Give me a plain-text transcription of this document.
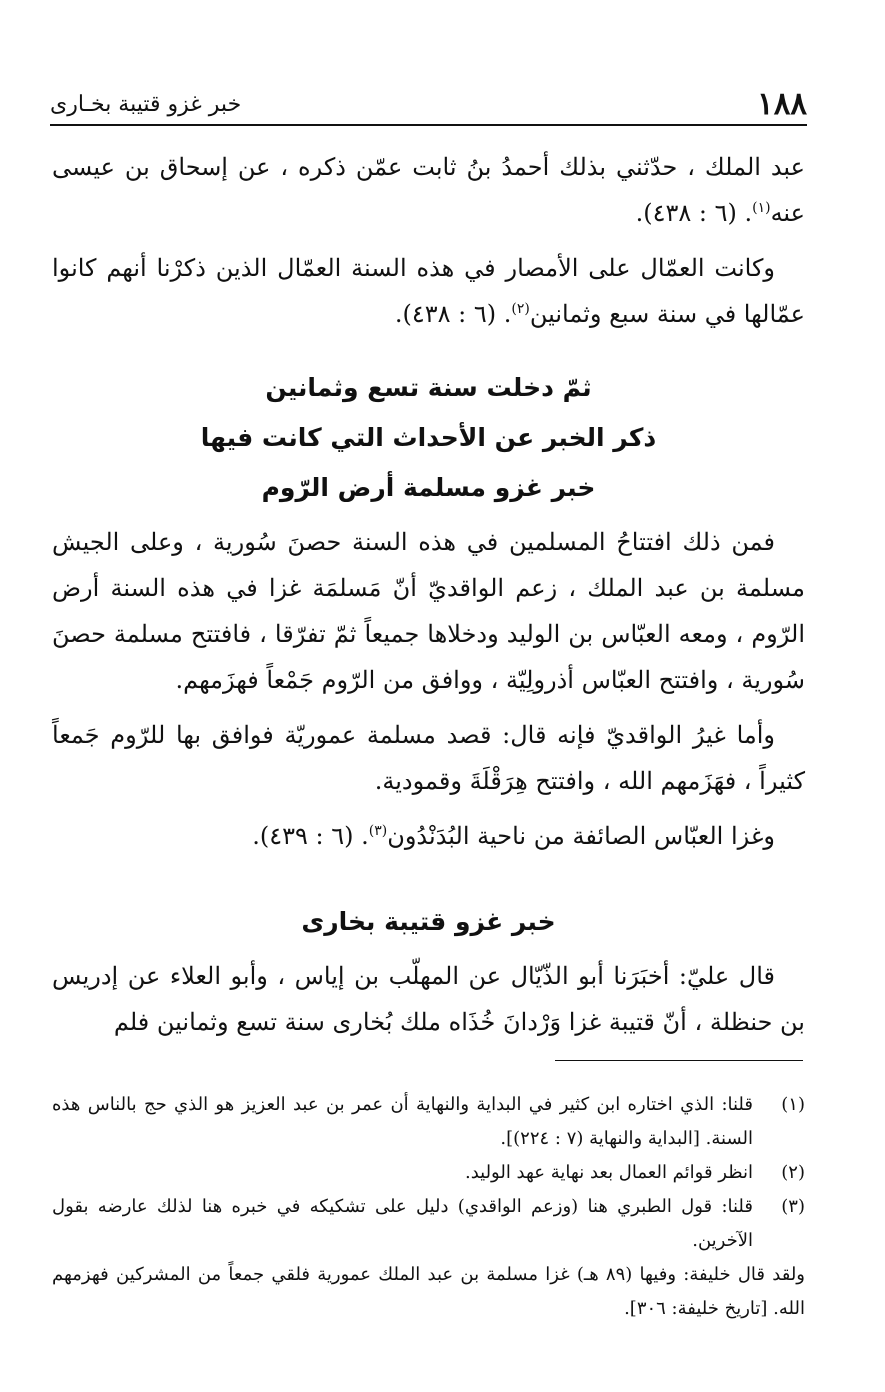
١٨٨
خبر غزو قتيبة بخـارى

عبد الملك ، حدّثني بذلك أحمدُ بنُ ثابت عمّن ذكره ، عن إسحاق بن عيسى عنه$^{(١)}$. (٦ : ٤٣٨).

وكانت العمّال على الأمصار في هذه السنة العمّال الذين ذكرْنا أنهم كانوا عمّالها في سنة سبع وثمانين$^{(٢)}$. (٦ : ٤٣٨).

ثمّ دخلت سنة تسع وثمانين
ذكر الخبر عن الأحداث التي كانت فيها
خبر غزو مسلمة أرض الرّوم

فمن ذلك افتتاحُ المسلمين في هذه السنة حصنَ سُورية ، وعلى الجيش مسلمة بن عبد الملك ، زعم الواقديّ أنّ مَسلمَة غزا في هذه السنة أرض الرّوم ، ومعه العبّاس بن الوليد ودخلاها جميعاً ثمّ تفرّقا ، فافتتح مسلمة حصنَ سُورية ، وافتتح العبّاس أذرولِيّة ، ووافق من الرّوم جَمْعاً فهزَمهم.

وأما غيرُ الواقديّ فإنه قال: قصد مسلمة عموريّة فوافق بها للرّوم جَمعاً كثيراً ، فهَزَمهم الله ، وافتتح هِرَقْلَةَ وقمودية.

وغزا العبّاس الصائفة من ناحية البُدَنْدُون$^{(٣)}$. (٦ : ٤٣٩).

خبر غزو قتيبة بخارى

قال عليّ: أخبَرَنا أبو الذّيّال عن المهلّب بن إياس ، وأبو العلاء عن إدريس بن حنظلة ، أنّ قتيبة غزا وَرْدانَ خُذَاه ملك بُخارى سنة تسع وثمانين فلم

(١)

قلنا: الذي اختاره ابن كثير في البداية والنهاية أن عمر بن عبد العزيز هو الذي حج بالناس هذه السنة. [البداية والنهاية (٧ : ٢٢٤)].

(٢)

انظر قوائم العمال بعد نهاية عهد الوليد.

(٣)

قلنا: قول الطبري هنا (وزعم الواقدي) دليل على تشكيكه في خبره هنا لذلك عارضه بقول الآخرين.

ولقد قال خليفة: وفيها (٨٩ هـ) غزا مسلمة بن عبد الملك عمورية فلقي جمعاً من المشركين فهزمهم الله. [تاريخ خليفة: ٣٠٦].
